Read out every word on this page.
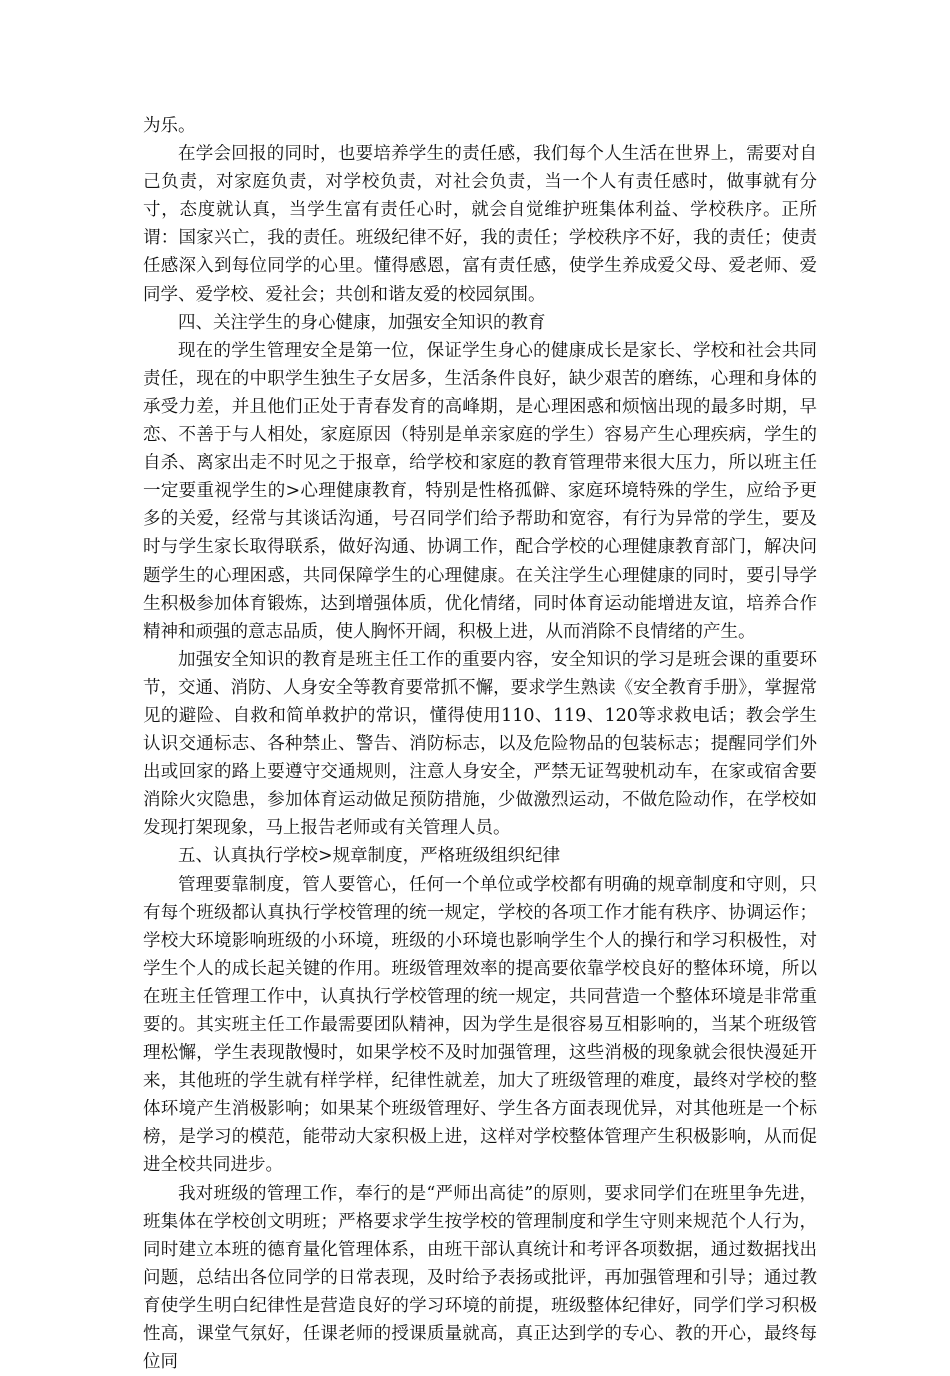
为乐。

在学会回报的同时，也要培养学生的责任感，我们每个人生活在世界上，需要对自己负责，对家庭负责，对学校负责，对社会负责，当一个人有责任感时，做事就有分寸，态度就认真，当学生富有责任心时，就会自觉维护班集体利益、学校秩序。正所谓：国家兴亡，我的责任。班级纪律不好，我的责任；学校秩序不好，我的责任；使责任感深入到每位同学的心里。懂得感恩，富有责任感，使学生养成爱父母、爱老师、爱同学、爱学校、爱社会；共创和谐友爱的校园氛围。

四、关注学生的身心健康，加强安全知识的教育

现在的学生管理安全是第一位，保证学生身心的健康成长是家长、学校和社会共同责任，现在的中职学生独生子女居多，生活条件良好，缺少艰苦的磨练，心理和身体的承受力差，并且他们正处于青春发育的高峰期，是心理困惑和烦恼出现的最多时期，早恋、不善于与人相处，家庭原因（特别是单亲家庭的学生）容易产生心理疾病，学生的自杀、离家出走不时见之于报章，给学校和家庭的教育管理带来很大压力，所以班主任一定要重视学生的>心理健康教育，特别是性格孤僻、家庭环境特殊的学生，应给予更多的关爱，经常与其谈话沟通，号召同学们给予帮助和宽容，有行为异常的学生，要及时与学生家长取得联系，做好沟通、协调工作，配合学校的心理健康教育部门，解决问题学生的心理困惑，共同保障学生的心理健康。在关注学生心理健康的同时，要引导学生积极参加体育锻炼，达到增强体质，优化情绪，同时体育运动能增进友谊，培养合作精神和顽强的意志品质，使人胸怀开阔，积极上进，从而消除不良情绪的产生。

加强安全知识的教育是班主任工作的重要内容，安全知识的学习是班会课的重要环节，交通、消防、人身安全等教育要常抓不懈，要求学生熟读《安全教育手册》，掌握常见的避险、自救和简单救护的常识，懂得使用110、119、120等求救电话；教会学生认识交通标志、各种禁止、警告、消防标志，以及危险物品的包装标志；提醒同学们外出或回家的路上要遵守交通规则，注意人身安全，严禁无证驾驶机动车，在家或宿舍要消除火灾隐患，参加体育运动做足预防措施，少做激烈运动，不做危险动作，在学校如发现打架现象，马上报告老师或有关管理人员。

五、认真执行学校>规章制度，严格班级组织纪律

管理要靠制度，管人要管心，任何一个单位或学校都有明确的规章制度和守则，只有每个班级都认真执行学校管理的统一规定，学校的各项工作才能有秩序、协调运作；学校大环境影响班级的小环境，班级的小环境也影响学生个人的操行和学习积极性，对学生个人的成长起关键的作用。班级管理效率的提高要依靠学校良好的整体环境，所以在班主任管理工作中，认真执行学校管理的统一规定，共同营造一个整体环境是非常重要的。其实班主任工作最需要团队精神，因为学生是很容易互相影响的，当某个班级管理松懈，学生表现散慢时，如果学校不及时加强管理，这些消极的现象就会很快漫延开来，其他班的学生就有样学样，纪律性就差，加大了班级管理的难度，最终对学校的整体环境产生消极影响；如果某个班级管理好、学生各方面表现优异，对其他班是一个标榜，是学习的模范，能带动大家积极上进，这样对学校整体管理产生积极影响，从而促进全校共同进步。

我对班级的管理工作，奉行的是“严师出高徒”的原则，要求同学们在班里争先进，班集体在学校创文明班；严格要求学生按学校的管理制度和学生守则来规范个人行为，同时建立本班的德育量化管理体系，由班干部认真统计和考评各项数据，通过数据找出问题，总结出各位同学的日常表现，及时给予表扬或批评，再加强管理和引导；通过教育使学生明白纪律性是营造良好的学习环境的前提，班级整体纪律好，同学们学习积极性高，课堂气氛好，任课老师的授课质量就高，真正达到学的专心、教的开心，最终每位同
